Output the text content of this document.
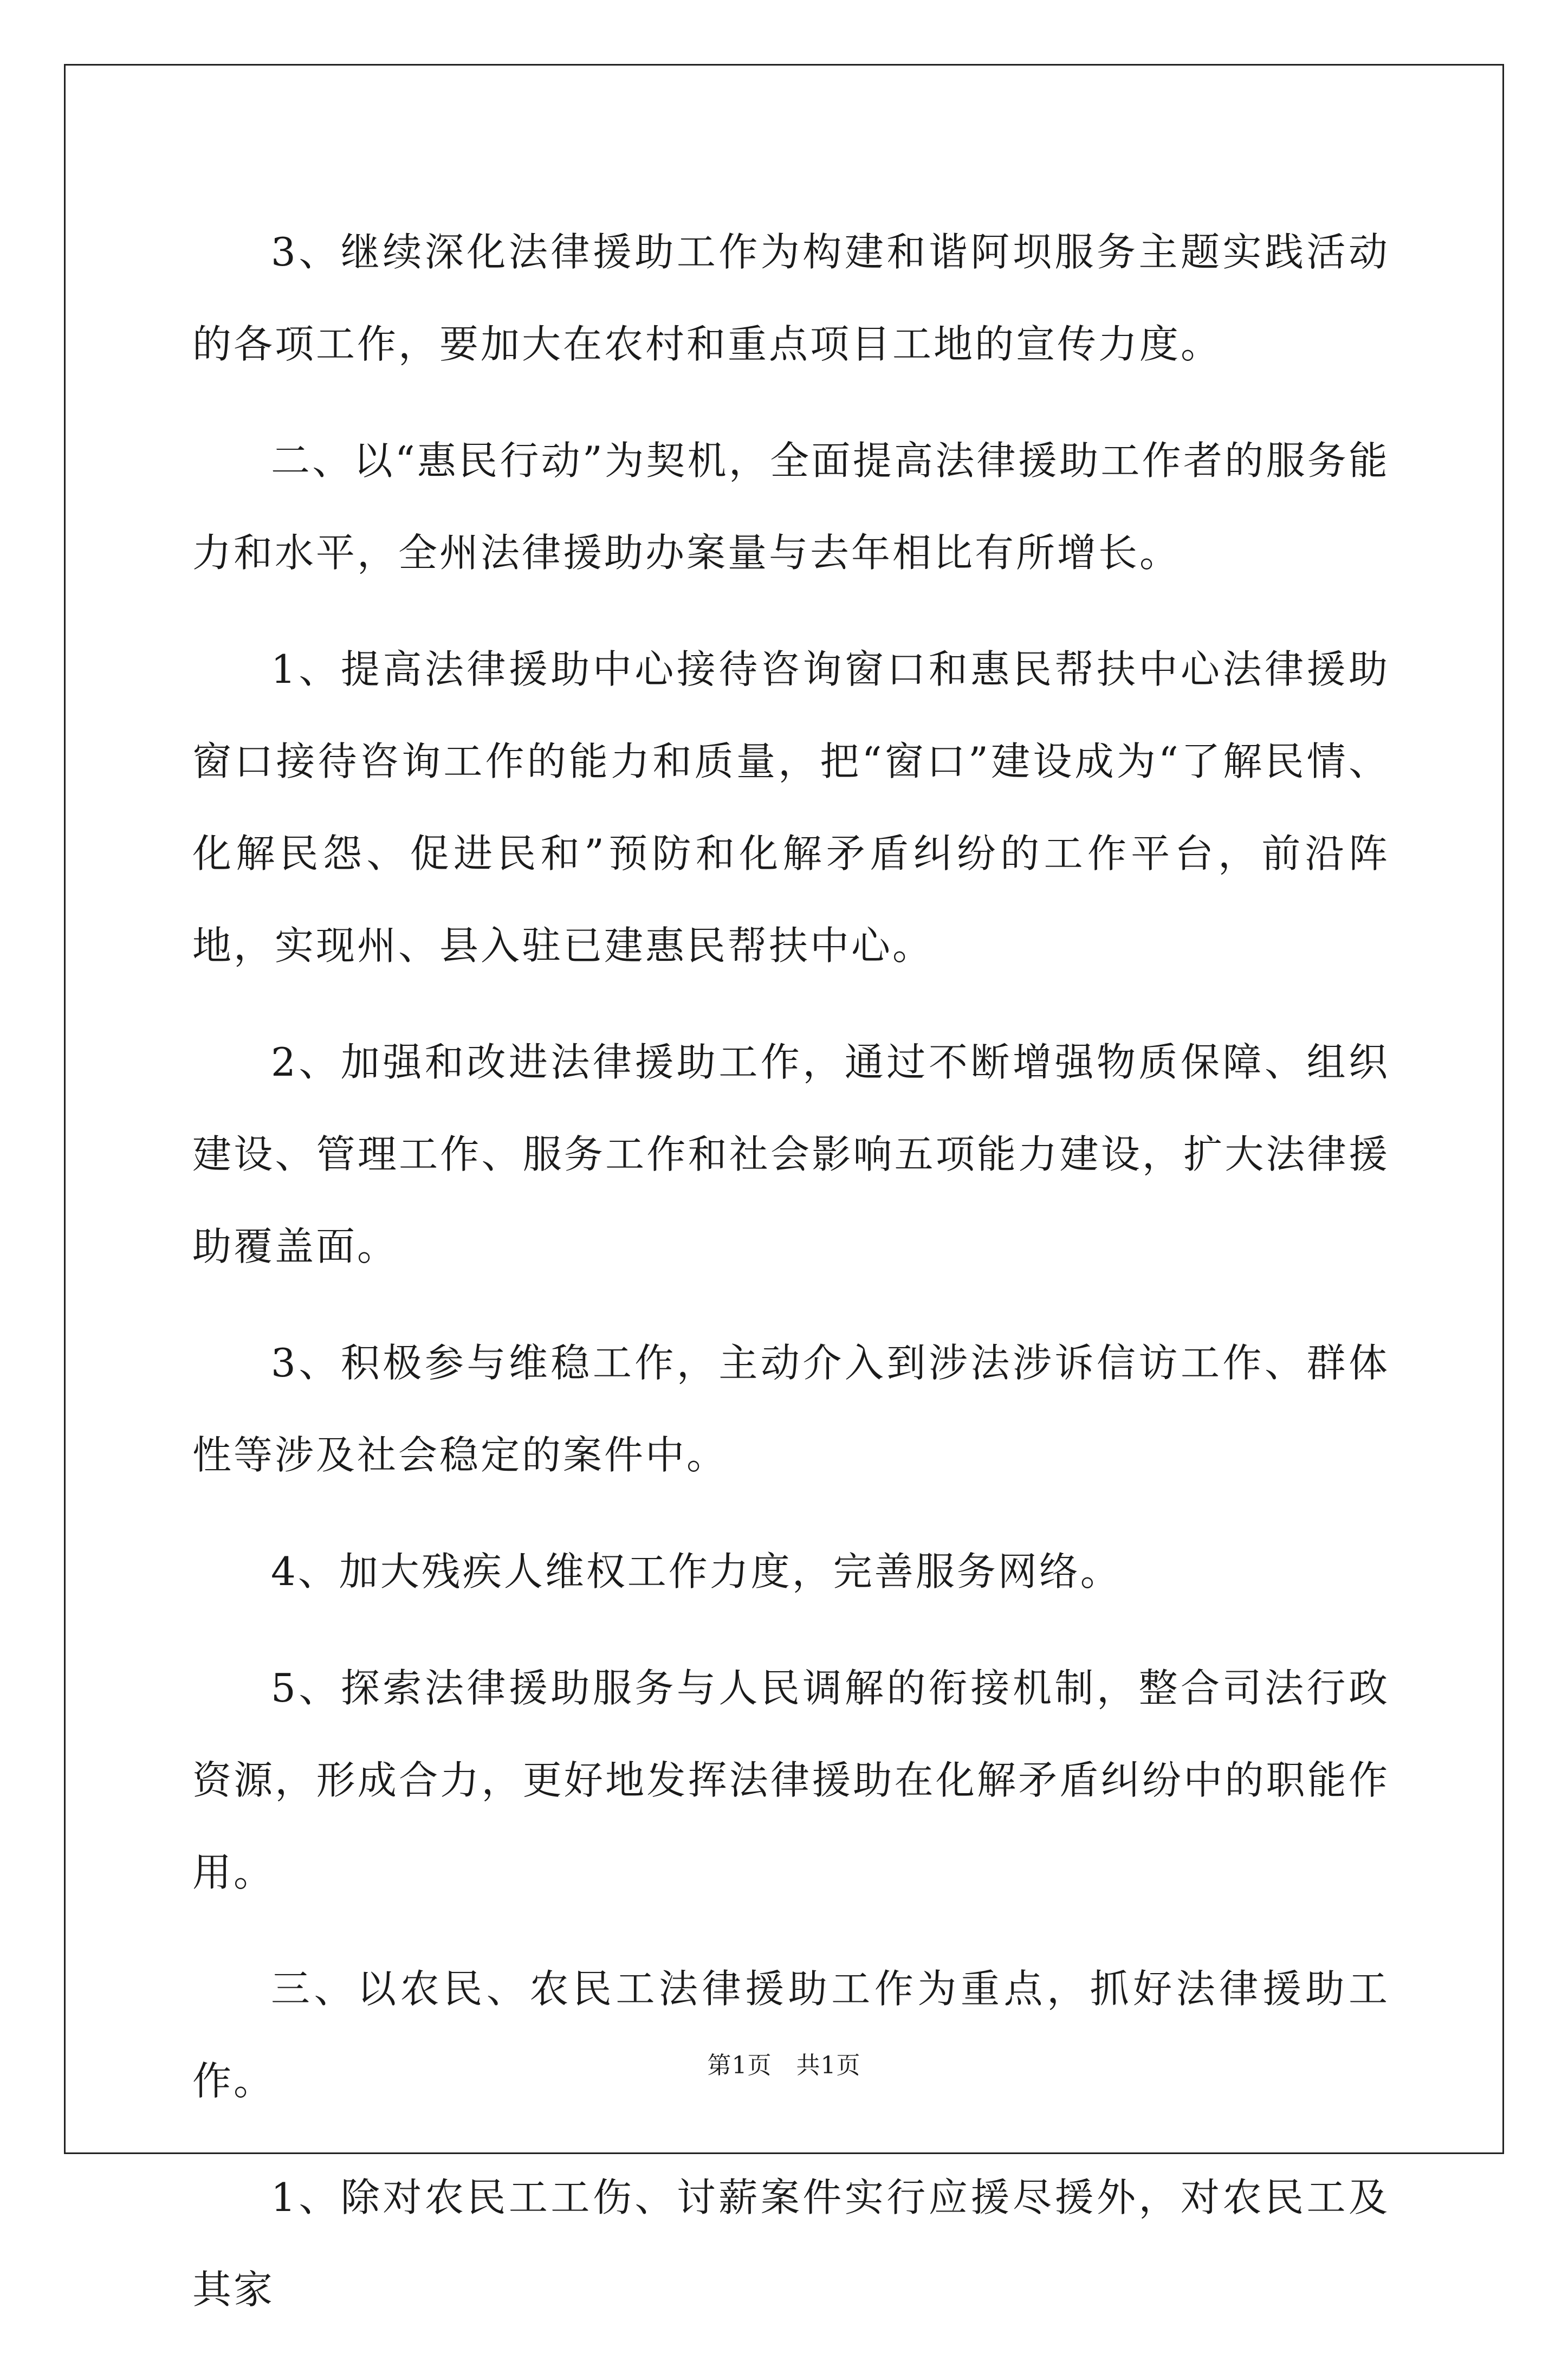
3、继续深化法律援助工作为构建和谐阿坝服务主题实践活动的各项工作，要加大在农村和重点项目工地的宣传力度。

二、以“惠民行动”为契机，全面提高法律援助工作者的服务能力和水平，全州法律援助办案量与去年相比有所增长。

1、提高法律援助中心接待咨询窗口和惠民帮扶中心法律援助窗口接待咨询工作的能力和质量，把“窗口”建设成为“了解民情、化解民怨、促进民和”预防和化解矛盾纠纷的工作平台，前沿阵地，实现州、县入驻已建惠民帮扶中心。

2、加强和改进法律援助工作，通过不断增强物质保障、组织建设、管理工作、服务工作和社会影响五项能力建设，扩大法律援助覆盖面。

3、积极参与维稳工作，主动介入到涉法涉诉信访工作、群体性等涉及社会稳定的案件中。

4、加大残疾人维权工作力度，完善服务网络。

5、探索法律援助服务与人民调解的衔接机制，整合司法行政资源，形成合力，更好地发挥法律援助在化解矛盾纠纷中的职能作用。

三、以农民、农民工法律援助工作为重点，抓好法律援助工作。

1、除对农民工工伤、讨薪案件实行应援尽援外，对农民工及其家

第1页   共1页
